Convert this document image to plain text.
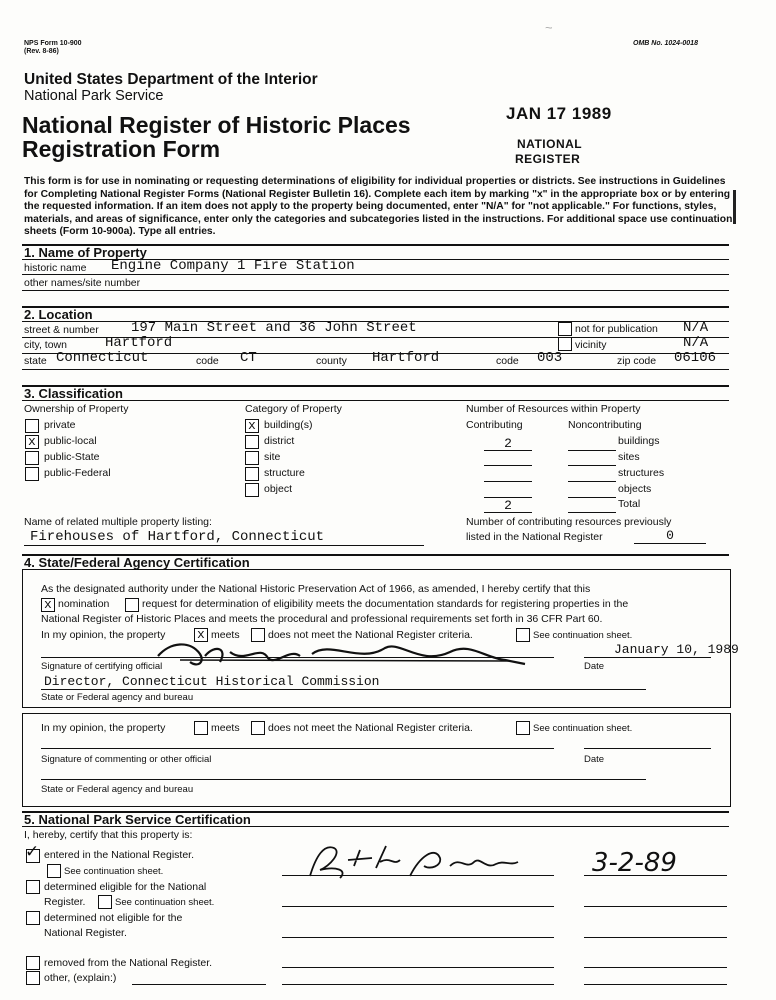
NPS Form 10-900
(Rev. 8-86)
OMB No. 1024-0018
~
United States Department of the Interior
National Park Service
National Register of Historic Places
Registration Form
JAN 17 1989
NATIONAL
REGISTER
This form is for use in nominating or requesting determinations of eligibility for individual properties or districts. See instructions in Guidelines for Completing National Register Forms (National Register Bulletin 16). Complete each item by marking "x" in the appropriate box or by entering the requested information. If an item does not apply to the property being documented, enter "N/A" for "not applicable." For functions, styles, materials, and areas of significance, enter only the categories and subcategories listed in the instructions. For additional space use continuation sheets (Form 10-900a). Type all entries.
1. Name of Property
historic name Engine Company 1 Fire Station
other names/site number
2. Location
street & number 197 Main Street and 36 John Street	not for publication N/A
city, town	Hartford	vicinity	N/A
state Connecticut	code CT	county Hartford	code 003	zip code 06106
3. Classification
Ownership of Property
private
x public-local
public-State
public-Federal
Category of Property
x building(s)
district
site
structure
object
Number of Resources within Property
Contributing	Noncontributing
2	buildings
sites
structures
objects
2	Total
Name of related multiple property listing:
Firehouses of Hartford, Connecticut
Number of contributing resources previously
listed in the National Register	0
4. State/Federal Agency Certification
As the designated authority under the National Historic Preservation Act of 1966, as amended, I hereby certify that this
x nomination	request for determination of eligibility meets the documentation standards for registering properties in the
National Register of Historic Places and meets the procedural and professional requirements set forth in 36 CFR Part 60.
In my opinion, the property x meets	does not meet the National Register criteria.	See continuation sheet.
January 10, 1989
Signature of certifying official	Date
Director, Connecticut Historical Commission
State or Federal agency and bureau
In my opinion, the property	meets	does not meet the National Register criteria.	See continuation sheet.
Signature of commenting or other official	Date
State or Federal agency and bureau
5. National Park Service Certification
I, hereby, certify that this property is:
✓ entered in the National Register.
See continuation sheet.
determined eligible for the National
Register.	See continuation sheet.
determined not eligible for the
National Register.
removed from the National Register.
other, (explain:)
3-2-89
